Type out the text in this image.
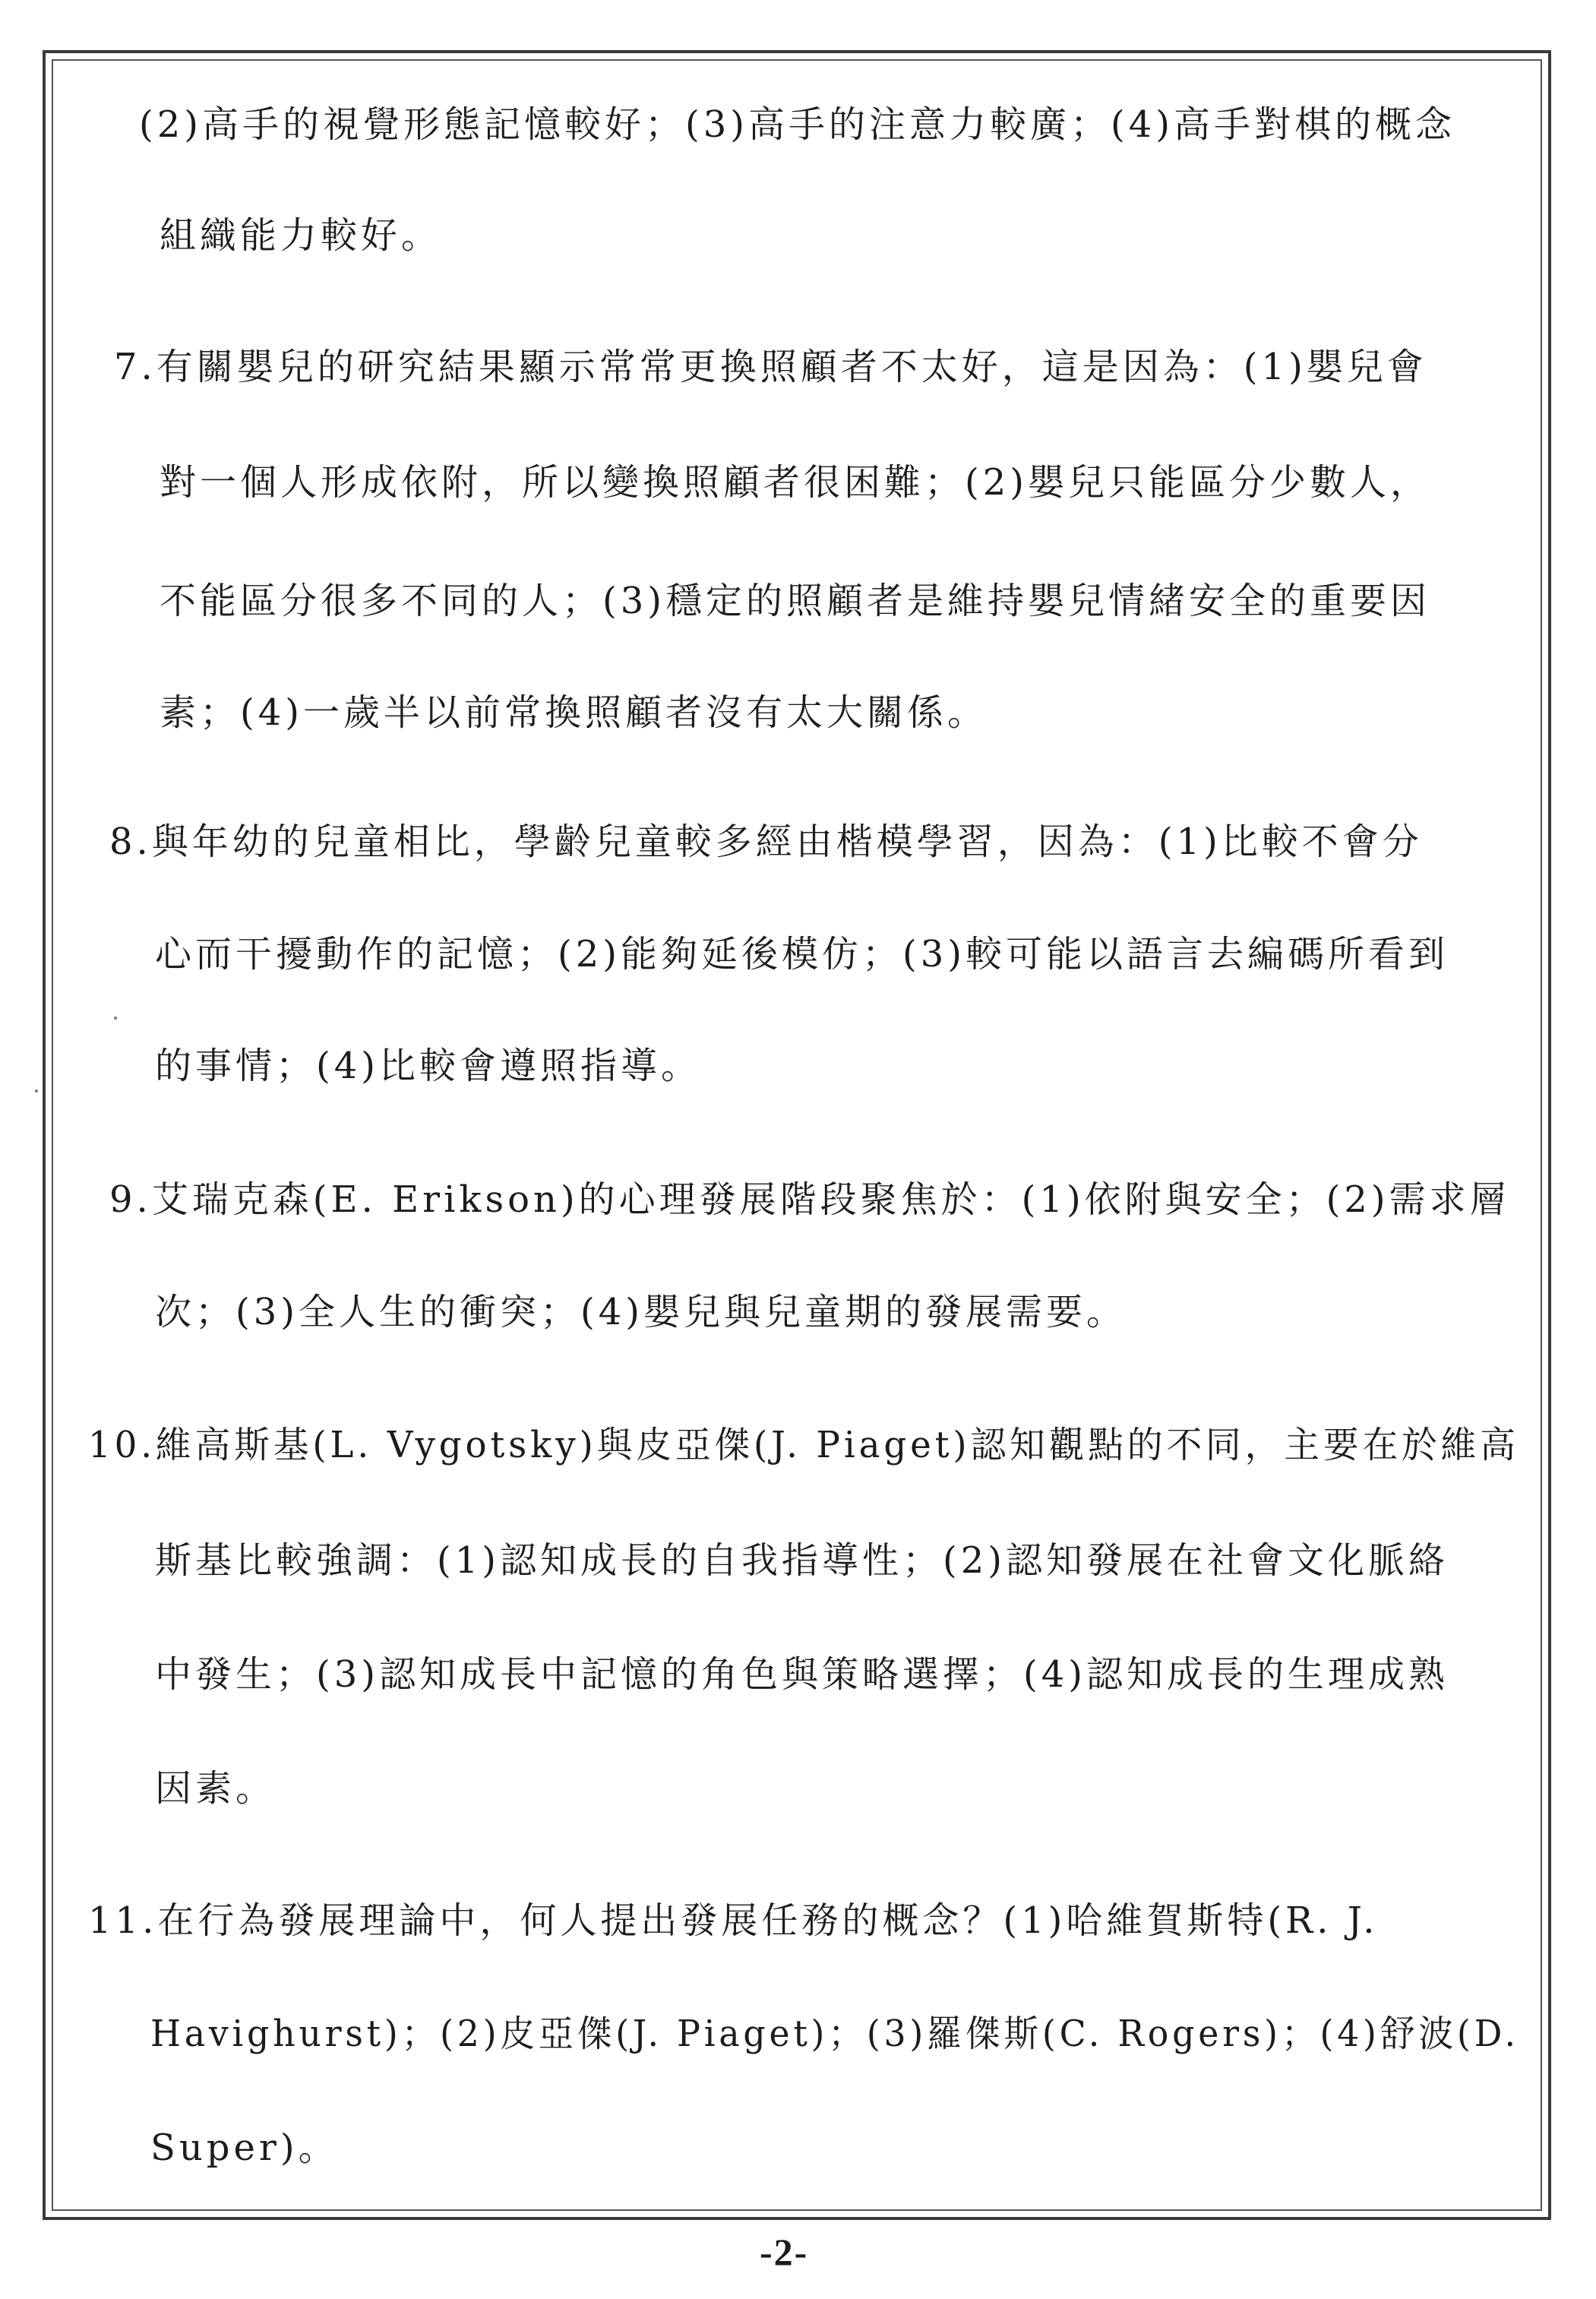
(2)高手的視覺形態記憶較好；(3)高手的注意力較廣；(4)高手對棋的概念
組織能力較好。
7.有關嬰兒的研究結果顯示常常更換照顧者不太好，這是因為：(1)嬰兒會
對一個人形成依附，所以變換照顧者很困難；(2)嬰兒只能區分少數人，
不能區分很多不同的人；(3)穩定的照顧者是維持嬰兒情緒安全的重要因
素；(4)一歲半以前常換照顧者沒有太大關係。
8.與年幼的兒童相比，學齡兒童較多經由楷模學習，因為：(1)比較不會分
心而干擾動作的記憶；(2)能夠延後模仿；(3)較可能以語言去編碼所看到
的事情；(4)比較會遵照指導。
9.艾瑞克森(E. Erikson)的心理發展階段聚焦於：(1)依附與安全；(2)需求層
次；(3)全人生的衝突；(4)嬰兒與兒童期的發展需要。
10.維高斯基(L. Vygotsky)與皮亞傑(J. Piaget)認知觀點的不同，主要在於維高
斯基比較強調：(1)認知成長的自我指導性；(2)認知發展在社會文化脈絡
中發生；(3)認知成長中記憶的角色與策略選擇；(4)認知成長的生理成熟
因素。
11.在行為發展理論中，何人提出發展任務的概念？(1)哈維賀斯特(R. J.
Havighurst)；(2)皮亞傑(J. Piaget)；(3)羅傑斯(C. Rogers)；(4)舒波(D.
Super)。
-2-
